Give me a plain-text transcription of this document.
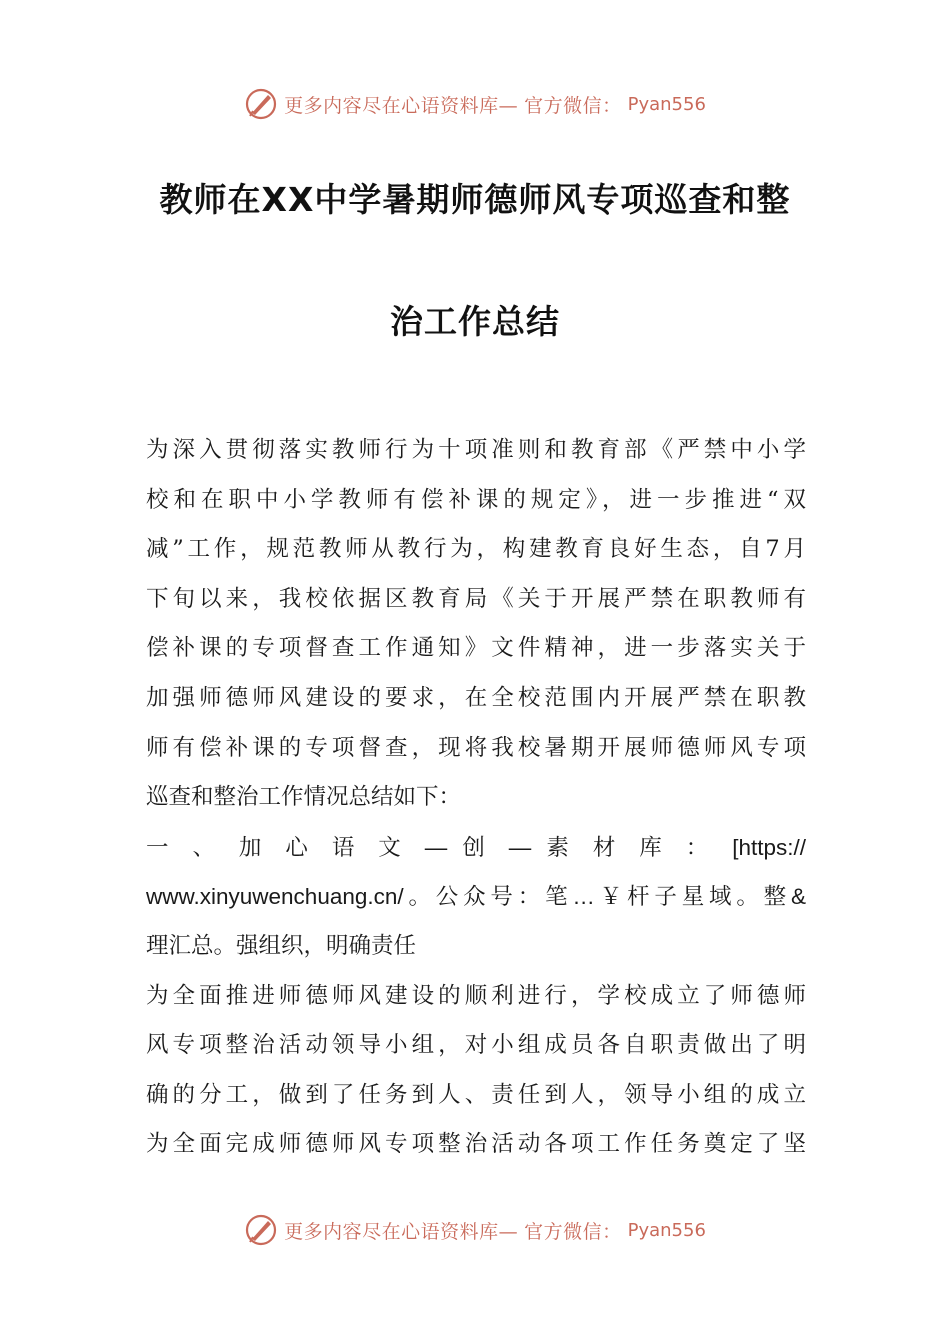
更多内容尽在心语资料库— 官方微信： Pyan556
教师在XX中学暑期师德师风专项巡查和整
治工作总结
为深入贯彻落实教师行为十项准则和教育部《严禁中小学
校和在职中小学教师有偿补课的规定》，进一步推进“双
减”工作，规范教师从教行为，构建教育良好生态，自7月
下旬以来，我校依据区教育局《关于开展严禁在职教师有
偿补课的专项督查工作通知》文件精神，进一步落实关于
加强师德师风建设的要求，在全校范围内开展严禁在职教
师有偿补课的专项督查，现将我校暑期开展师德师风专项
巡查和整治工作情况总结如下：
一 、 加 心 语 文 — 创 — 素 材 库 ： [https://
www.xinyuwenchuang.cn/。公众号：笔…￥杆子星域。整&
理汇总。强组织，明确责任
为全面推进师德师风建设的顺利进行，学校成立了师德师
风专项整治活动领导小组，对小组成员各自职责做出了明
确的分工，做到了任务到人、责任到人，领导小组的成立
为全面完成师德师风专项整治活动各项工作任务奠定了坚
更多内容尽在心语资料库— 官方微信： Pyan556
